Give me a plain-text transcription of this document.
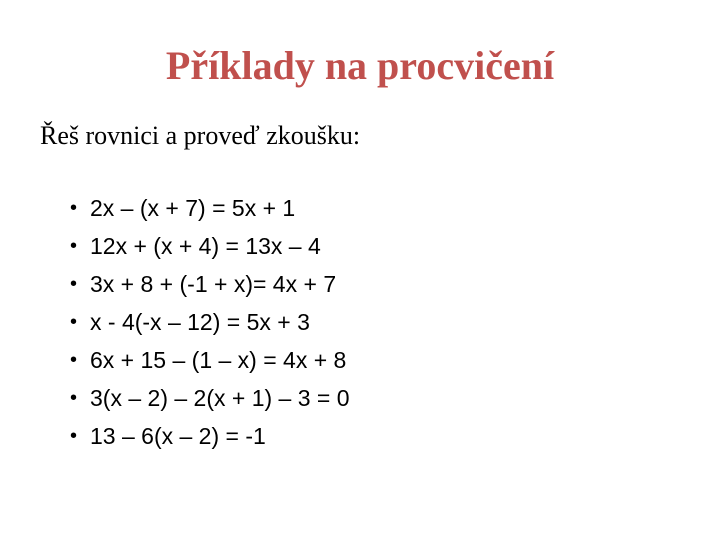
Příklady na procvičení
Řeš rovnici a proveď zkoušku:
• 2x – (x + 7) = 5x + 1
• 12x + (x + 4) = 13x – 4
• 3x + 8 + (-1 + x)= 4x + 7
• x - 4(-x – 12) = 5x + 3
• 6x + 15 – (1 – x) = 4x + 8
• 3(x – 2) – 2(x + 1) – 3 = 0
• 13 – 6(x – 2) = -1
